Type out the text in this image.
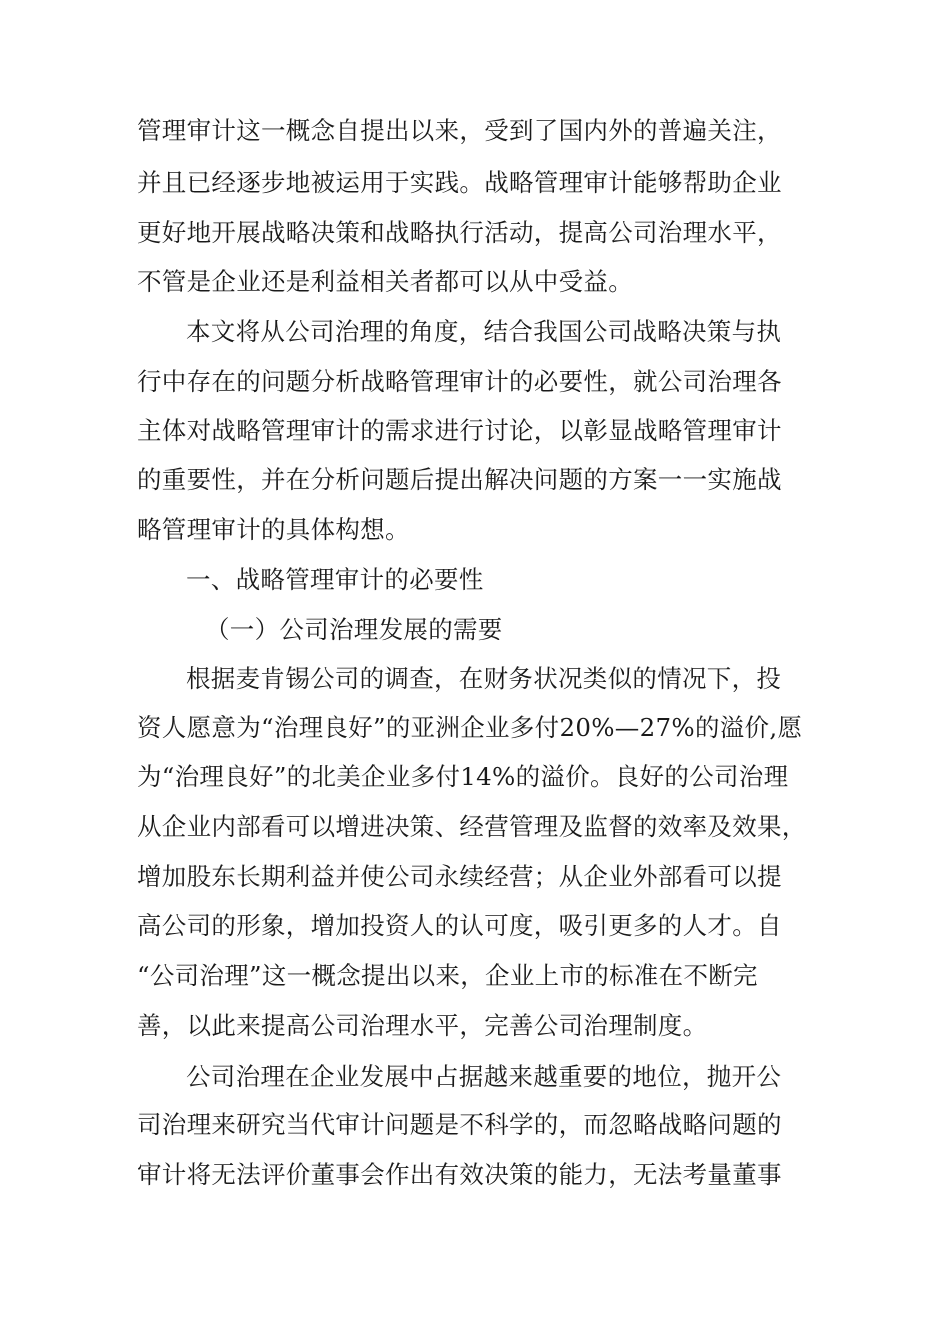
管理审计这一概念自提出以来，受到了国内外的普遍关注，
并且已经逐步地被运用于实践。战略管理审计能够帮助企业
更好地开展战略决策和战略执行活动，提高公司治理水平，
不管是企业还是利益相关者都可以从中受益。
本文将从公司治理的角度，结合我国公司战略决策与执
行中存在的问题分析战略管理审计的必要性，就公司治理各
主体对战略管理审计的需求进行讨论，以彰显战略管理审计
的重要性，并在分析问题后提出解决问题的方案一一实施战
略管理审计的具体构想。
一、战略管理审计的必要性
（一）公司治理发展的需要
根据麦肯锡公司的调查，在财务状况类似的情况下，投
资人愿意为“治理良好”的亚洲企业多付20%—27%的溢价,愿
为“治理良好”的北美企业多付14%的溢价。良好的公司治理
从企业内部看可以增进决策、经营管理及监督的效率及效果，
增加股东长期利益并使公司永续经营；从企业外部看可以提
高公司的形象，增加投资人的认可度，吸引更多的人才。自
“公司治理”这一概念提出以来，企业上市的标准在不断完
善，以此来提高公司治理水平，完善公司治理制度。
公司治理在企业发展中占据越来越重要的地位，抛开公
司治理来研究当代审计问题是不科学的，而忽略战略问题的
审计将无法评价董事会作出有效决策的能力，无法考量董事
